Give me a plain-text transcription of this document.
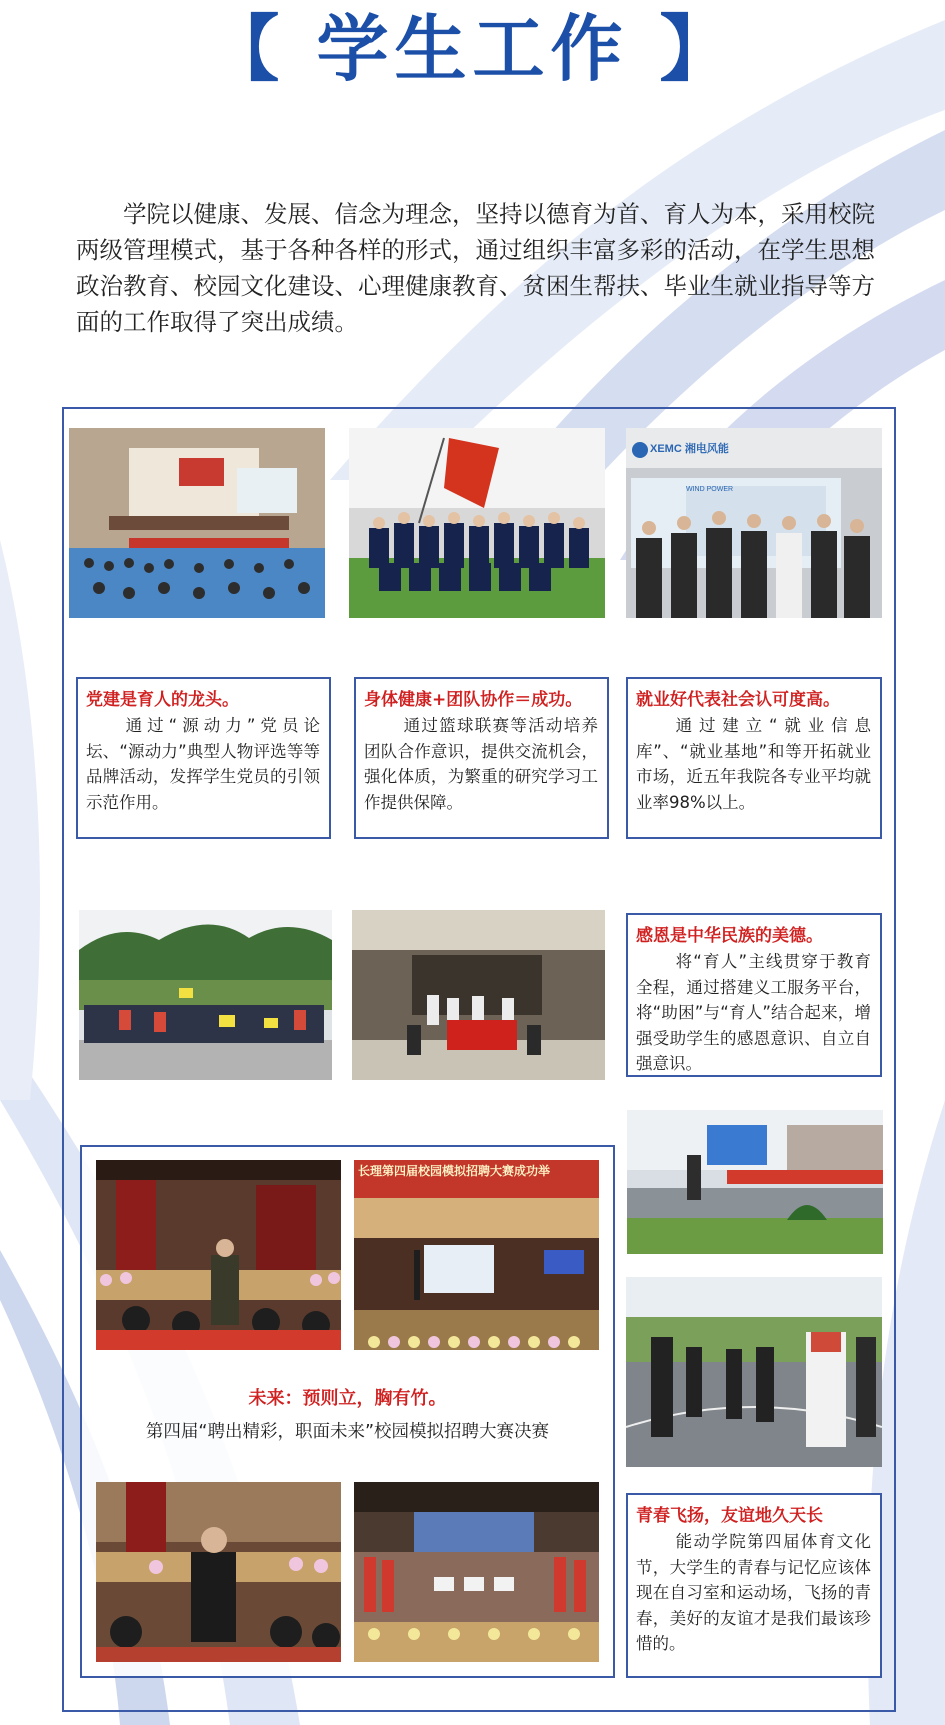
【 学生工作 】
学院以健康、发展、信念为理念，坚持以德育为首、育人为本，采用校院两级管理模式，基于各种各样的形式，通过组织丰富多彩的活动，在学生思想政治教育、校园文化建设、心理健康教育、贫困生帮扶、毕业生就业指导等方面的工作取得了突出成绩。
XEMC 湘电风能
WIND POWER
党建是育人的龙头。
通过“源动力”党员论坛、“源动力”典型人物评选等等品牌活动，发挥学生党员的引领示范作用。
身体健康+团队协作＝成功。
通过篮球联赛等活动培养团队合作意识，提供交流机会，强化体质，为繁重的研究学习工作提供保障。
就业好代表社会认可度高。
通过建立“就业信息库”、“就业基地”和等开拓就业市场，近五年我院各专业平均就业率98%以上。
感恩是中华民族的美德。
将“育人”主线贯穿于教育全程，通过搭建义工服务平台，将“助困”与“育人”结合起来，增强受助学生的感恩意识、自立自强意识。
青春飞扬，友谊地久天长
能动学院第四届体育文化节，大学生的青春与记忆应该体现在自习室和运动场，飞扬的青春，美好的友谊才是我们最该珍惜的。
长理第四届校园模拟招聘大赛成功举
未来：预则立，胸有竹。
第四届“聘出精彩，职面未来”校园模拟招聘大赛决赛
